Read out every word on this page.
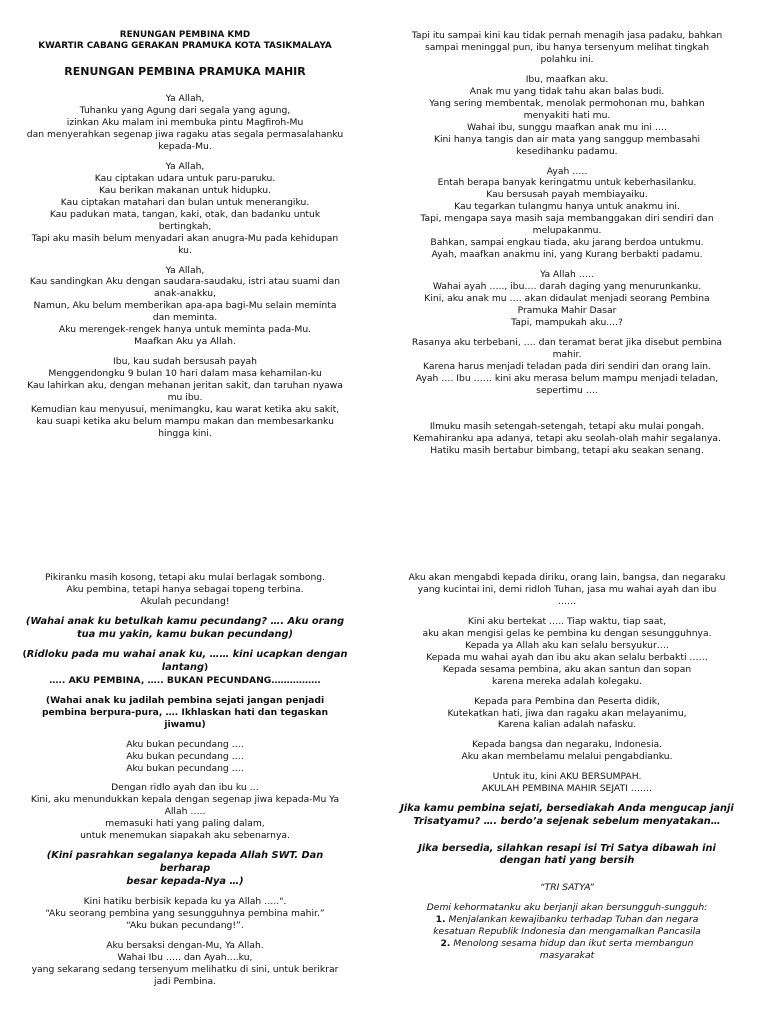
RENUNGAN PEMBINA KMD
KWARTIR CABANG GERAKAN PRAMUKA KOTA TASIKMALAYA
RENUNGAN PEMBINA PRAMUKA MAHIR
Ya Allah,
Tuhanku yang Agung dari segala yang agung,
izinkan Aku malam ini membuka pintu Magfiroh-Mu
dan menyerahkan segenap jiwa ragaku atas segala permasalahanku
kepada-Mu.
Ya Allah,
Kau ciptakan udara untuk paru-paruku.
Kau berikan makanan untuk hidupku.
Kau ciptakan matahari dan bulan untuk menerangiku.
Kau padukan mata, tangan, kaki, otak, dan badanku untuk
bertingkah,
Tapi aku masih belum menyadari akan anugra-Mu pada kehidupan
ku.
Ya Allah,
Kau sandingkan Aku dengan saudara-saudaku, istri atau suami dan
anak-anakku,
Namun, Aku belum memberikan apa-apa bagi-Mu selain meminta
dan meminta.
Aku merengek-rengek hanya untuk meminta pada-Mu.
Maafkan Aku ya Allah.
Ibu, kau sudah bersusah payah
Menggendongku 9 bulan 10 hari dalam masa kehamilan-ku
Kau lahirkan aku, dengan mehanan jeritan sakit, dan taruhan nyawa
mu ibu.
Kemudian kau menyusui, menimangku, kau warat ketika aku sakit,
kau suapi ketika aku belum mampu makan dan membesarkanku
hingga kini.
Tapi itu sampai kini kau tidak pernah menagih jasa padaku, bahkan
sampai meninggal pun, ibu hanya tersenyum melihat tingkah
polahku ini.
Ibu, maafkan aku.
Anak mu yang tidak tahu akan balas budi.
Yang sering membentak, menolak permohonan mu, bahkan
menyakiti hati mu.
Wahai ibu, sunggu maafkan anak mu ini ….
Kini hanya tangis dan air mata yang sanggup membasahi
kesedihanku padamu.
Ayah …..
Entah berapa banyak keringatmu untuk keberhasilanku.
Kau bersusah payah membiayaiku.
Kau tegarkan tulangmu hanya untuk anakmu ini.
Tapi, mengapa saya masih saja membanggakan diri sendiri dan
melupakanmu.
Bahkan, sampai engkau tiada, aku jarang berdoa untukmu.
Ayah, maafkan anakmu ini, yang Kurang berbakti padamu.
Ya Allah …..
Wahai ayah ….., ibu…. darah daging yang menurunkanku.
Kini, aku anak mu …. akan didaulat menjadi seorang Pembina
Pramuka Mahir Dasar
Tapi, mampukah aku....?
Rasanya aku terbebani, …. dan teramat berat jika disebut pembina
mahir.
Karena harus menjadi teladan pada diri sendiri dan orang lain.
Ayah …. Ibu …… kini aku merasa belum mampu menjadi teladan,
sepertimu ….
Ilmuku masih setengah-setengah, tetapi aku mulai pongah.
Kemahiranku apa adanya, tetapi aku seolah-olah mahir segalanya.
Hatiku masih bertabur bimbang, tetapi aku seakan senang.
Pikiranku masih kosong, tetapi aku mulai berlagak sombong.
Aku pembina, tetapi hanya sebagai topeng terbina.
Akulah pecundang!
(Wahai anak ku betulkah kamu pecundang? …. Aku orang
tua mu yakin, kamu bukan pecundang)
(Ridloku pada mu wahai anak ku, …… kini ucapkan dengan
lantang)
….. AKU PEMBINA, ….. BUKAN PECUNDANG…………….
(Wahai anak ku jadilah pembina sejati jangan penjadi
pembina berpura-pura, …. Ikhlaskan hati dan tegaskan
jiwamu)
Aku bukan pecundang ….
Aku bukan pecundang ….
Aku bukan pecundang ….
Dengan ridlo ayah dan ibu ku …
Kini, aku menundukkan kepala dengan segenap jiwa kepada-Mu Ya
Allah …..
memasuki hati yang paling dalam,
untuk menemukan siapakah aku sebenarnya.
(Kini pasrahkan segalanya kepada Allah SWT. Dan berharap
besar kepada-Nya …)
Kini hatiku berbisik kepada ku ya Allah …..".
“Aku seorang pembina yang sesungguhnya pembina mahir.”
“Aku bukan pecundang!”.
Aku bersaksi dengan-Mu, Ya Allah.
Wahai Ibu ….. dan Ayah….ku,
yang sekarang sedang tersenyum melihatku di sini, untuk berikrar
jadi Pembina.
Aku akan mengabdi kepada diriku, orang lain, bangsa, dan negaraku
yang kucintai ini, demi ridloh Tuhan, jasa mu wahai ayah dan ibu
……
Kini aku bertekat ….. Tiap waktu, tiap saat,
aku akan mengisi gelas ke pembina ku dengan sesungguhnya.
Kepada ya Allah aku kan selalu bersyukur….
Kepada mu wahai ayah dan ibu aku akan selalu berbakti ……
Kepada sesama pembina, aku akan santun dan sopan
karena mereka adalah kolegaku.
Kepada para Pembina dan Peserta didik,
Kutekatkan hati, jiwa dan ragaku akan melayanimu,
Karena kalian adalah nafasku.
Kepada bangsa dan negaraku, Indonesia.
Aku akan membelamu melalui pengabdianku.
Untuk itu, kini AKU BERSUMPAH.
AKULAH PEMBINA MAHIR SEJATI …….
Jika kamu pembina sejati, bersediakah Anda mengucap janji
Trisatyamu? …. berdo’a sejenak sebelum menyatakan…
Jika bersedia, silahkan resapi isi Tri Satya dibawah ini
dengan hati yang bersih
“TRI SATYA”
Demi kehormatanku aku berjanji akan bersungguh-sungguh:
1. Menjalankan kewajibanku terhadap Tuhan dan negara
kesatuan Republik Indonesia dan mengamalkan Pancasila
2. Menolong sesama hidup dan ikut serta membangun
masyarakat
